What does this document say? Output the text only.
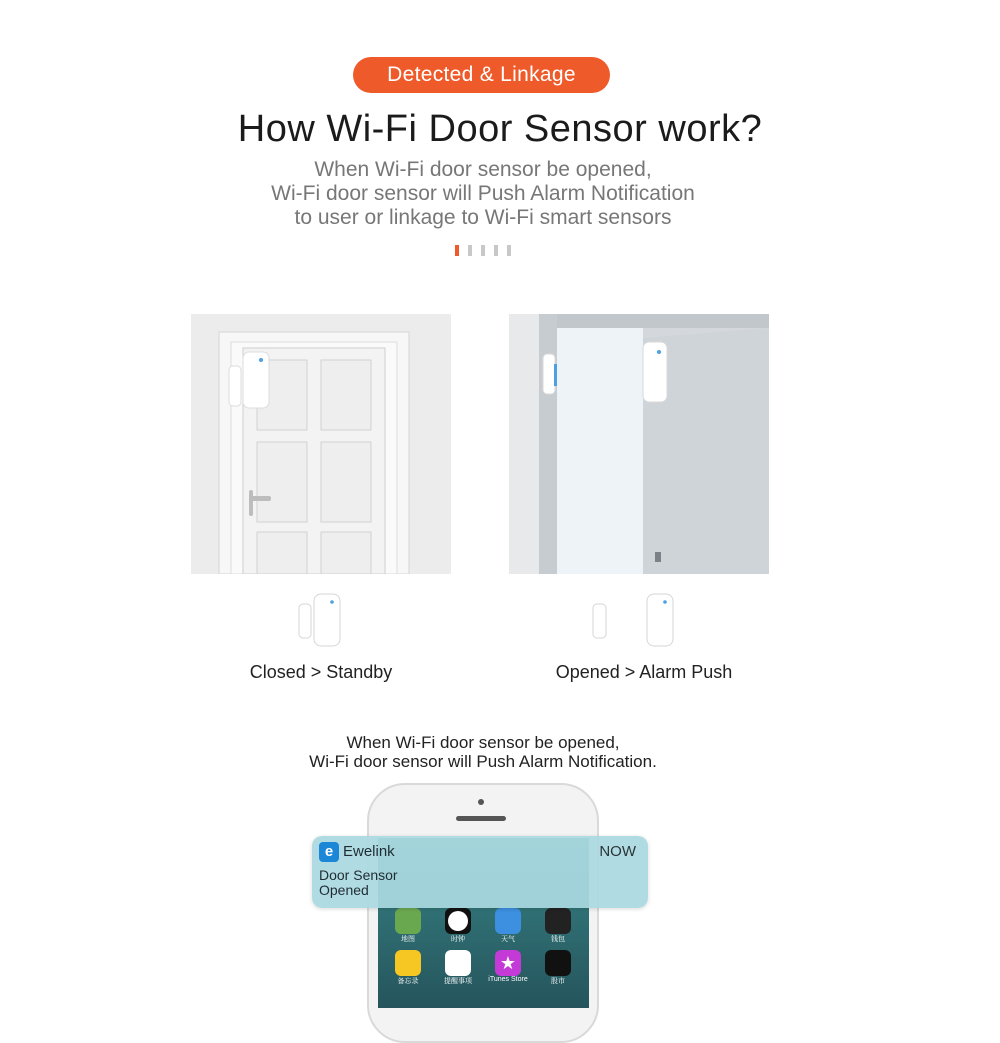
Detected & Linkage
How Wi-Fi Door Sensor work?
When Wi-Fi door sensor be opened,
Wi-Fi door sensor will Push Alarm Notification
to user or linkage to Wi-Fi smart sensors
Closed > Standby	Opened > Alarm Push
When Wi-Fi door sensor be opened,
Wi-Fi door sensor will Push Alarm Notification.
地图	时钟	天气	钱包
备忘录	提醒事项
★
iTunes Store	股市
e Ewelink	NOW
Door Sensor
Opened
